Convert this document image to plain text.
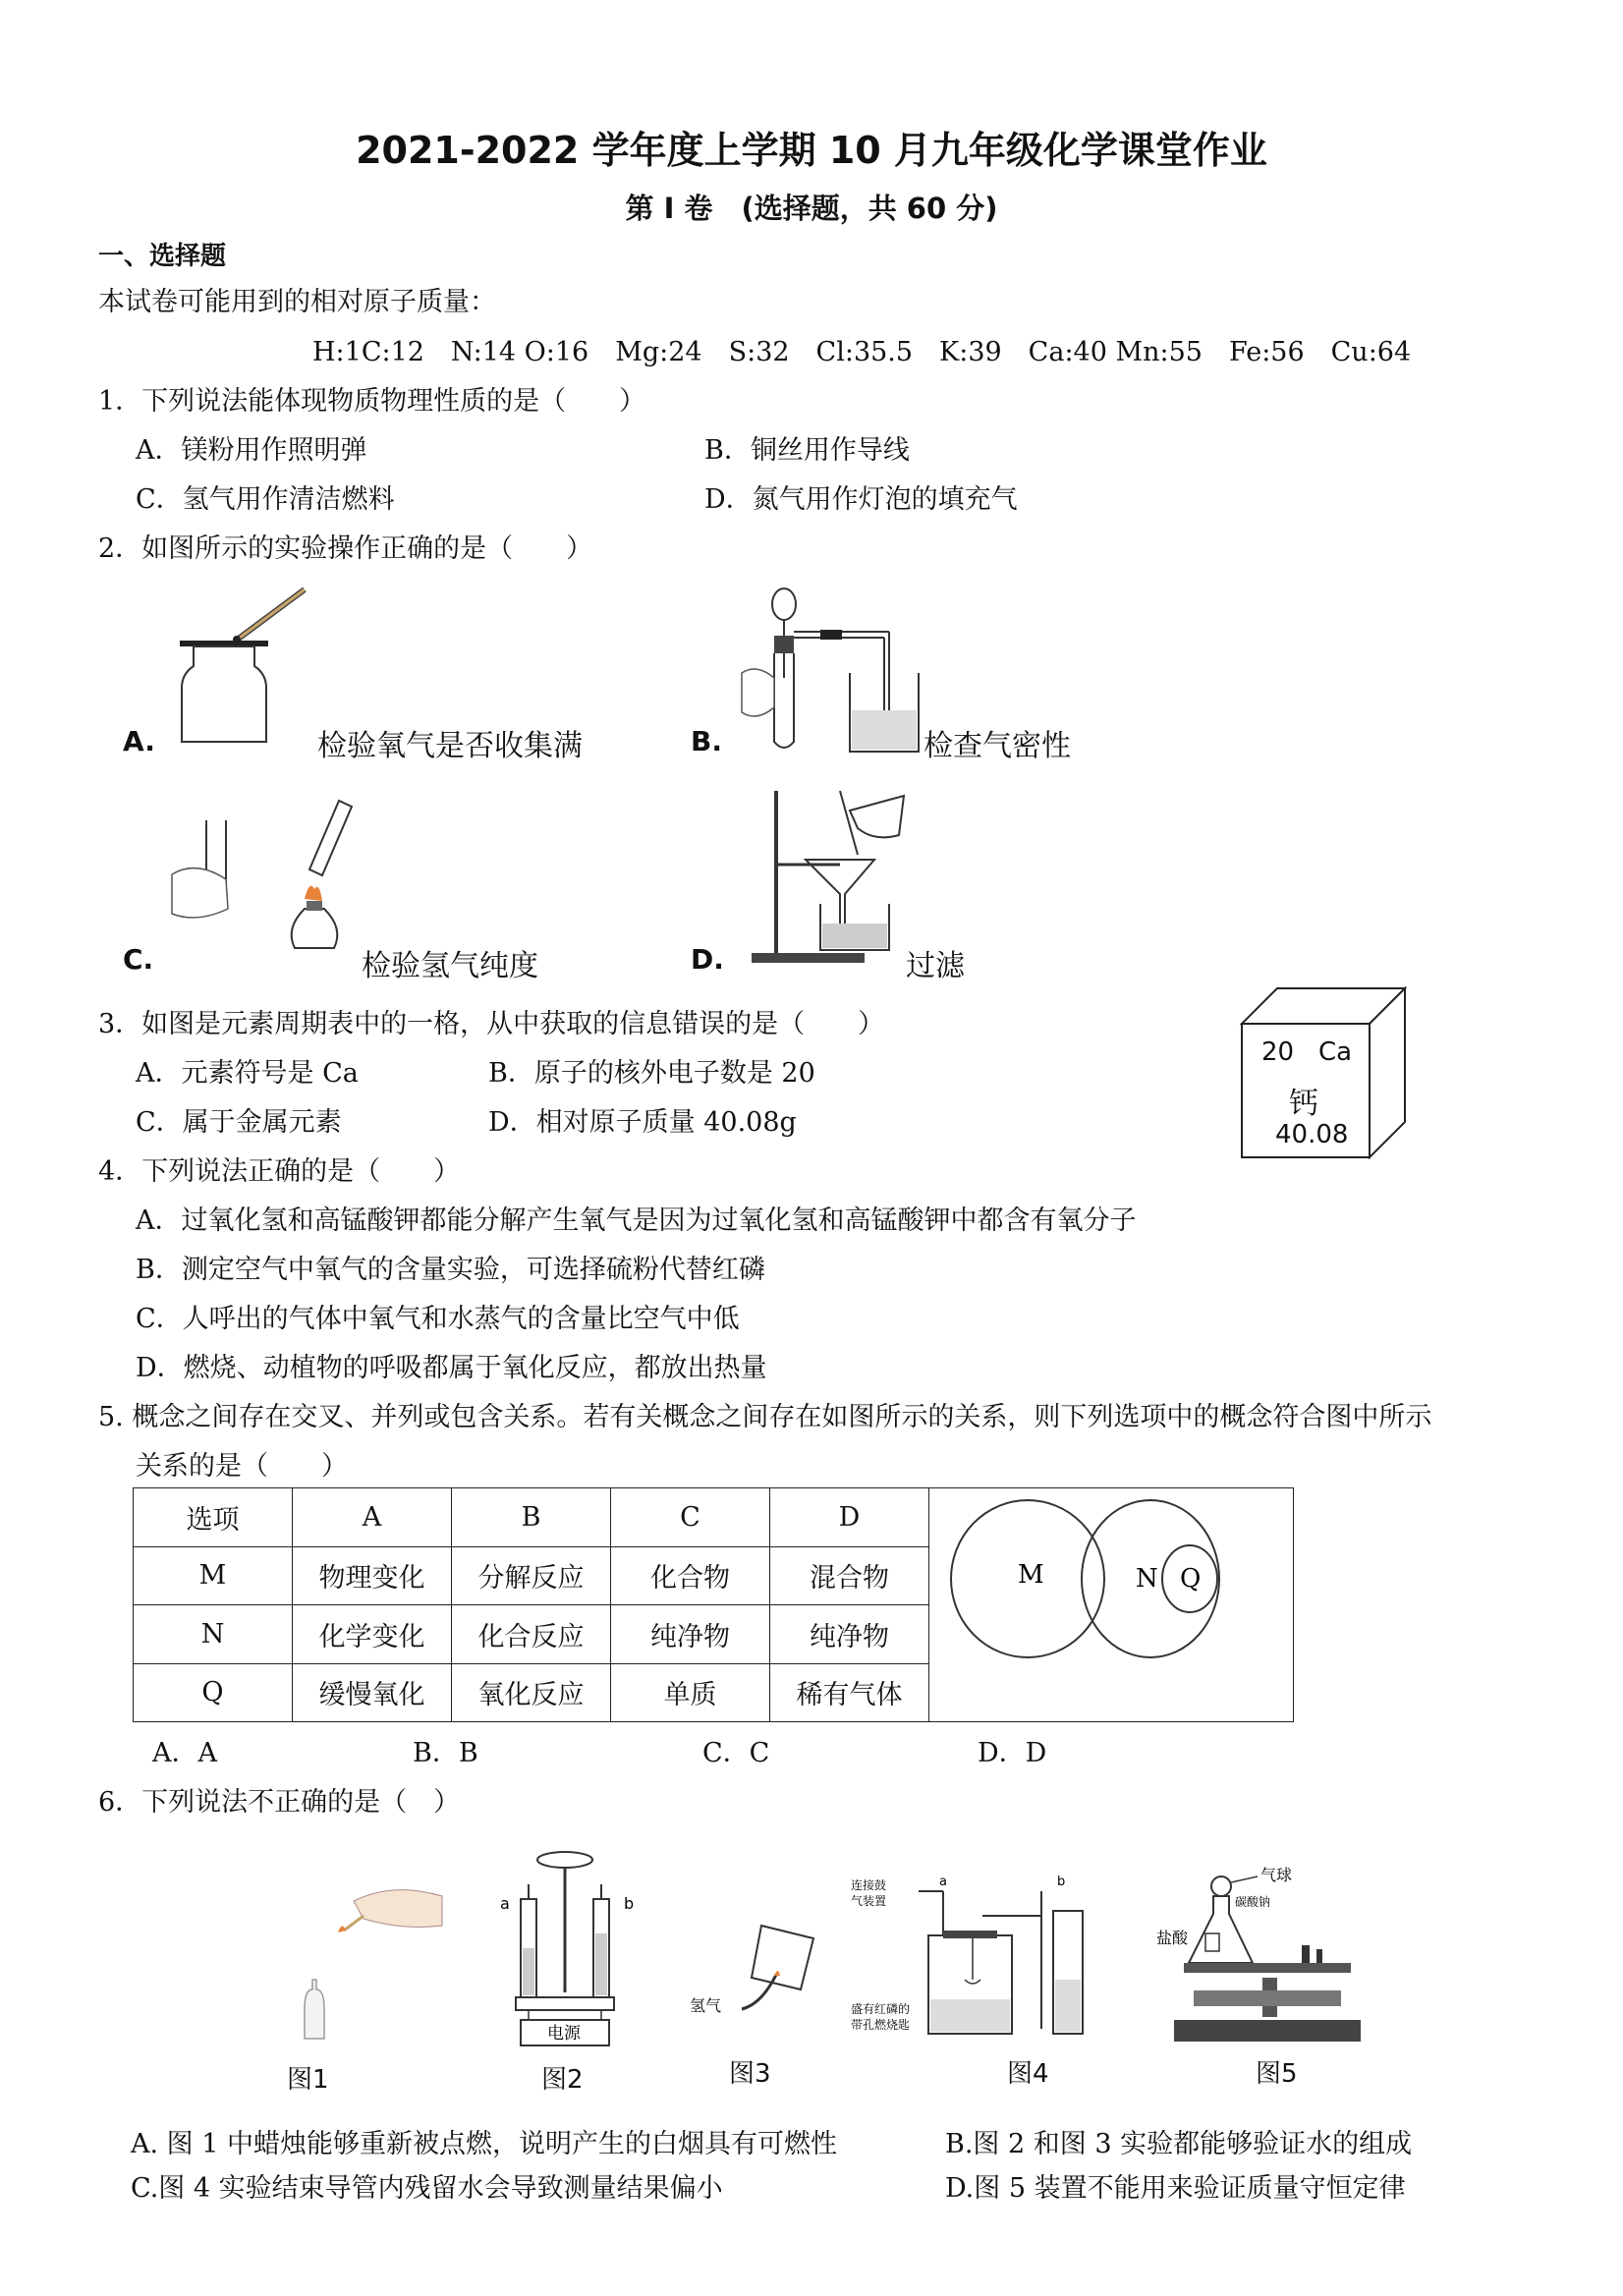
2021-2022 学年度上学期 10 月九年级化学课堂作业
第 I 卷　(选择题，共 60 分)
一、选择题
本试卷可能用到的相对原子质量：
H:1C:12　N:14 O:16　Mg:24　S:32　Cl:35.5　K:39　Ca:40 Mn:55　Fe:56　Cu:64
1．下列说法能体现物质物理性质的是（　　）
A．镁粉用作照明弹	B．铜丝用作导线
C．氢气用作清洁燃料	D．氮气用作灯泡的填充气
2．如图所示的实验操作正确的是（　　）
A.	检验氧气是否收集满	B.	检查气密性
C.	检验氢气纯度	D.	过滤
3．如图是元素周期表中的一格，从中获取的信息错误的是（　　）
A．元素符号是 Ca	B．原子的核外电子数是 20
C．属于金属元素	D．相对原子质量 40.08g
20 Ca
钙
40.08
4．下列说法正确的是（　　）
A．过氧化氢和高锰酸钾都能分解产生氧气是因为过氧化氢和高锰酸钾中都含有氧分子
B．测定空气中氧气的含量实验，可选择硫粉代替红磷
C．人呼出的气体中氧气和水蒸气的含量比空气中低
D．燃烧、动植物的呼吸都属于氧化反应，都放出热量
5. 概念之间存在交叉、并列或包含关系。若有关概念之间存在如图所示的关系，则下列选项中的概念符合图中所示
关系的是（　　）
选项	A	B	C	D	M N Q

M	物理变化	分解反应	化合物	混合物	
N	化学变化	化合反应	纯净物	纯净物	
Q	缓慢氧化	氧化反应	单质	稀有气体	
A．A	B．B	C．C	D．D
6．下列说法不正确的是（　）
图1
电源
a	b
图2
氢气
图3
a	b
连接鼓
气装置
盛有红磷的
带孔燃烧匙
图4
气球
碳酸钠
盐酸
图5
A. 图 1 中蜡烛能够重新被点燃，说明产生的白烟具有可燃性	B.图 2 和图 3 实验都能够验证水的组成
C.图 4 实验结束导管内残留水会导致测量结果偏小	D.图 5 装置不能用来验证质量守恒定律
